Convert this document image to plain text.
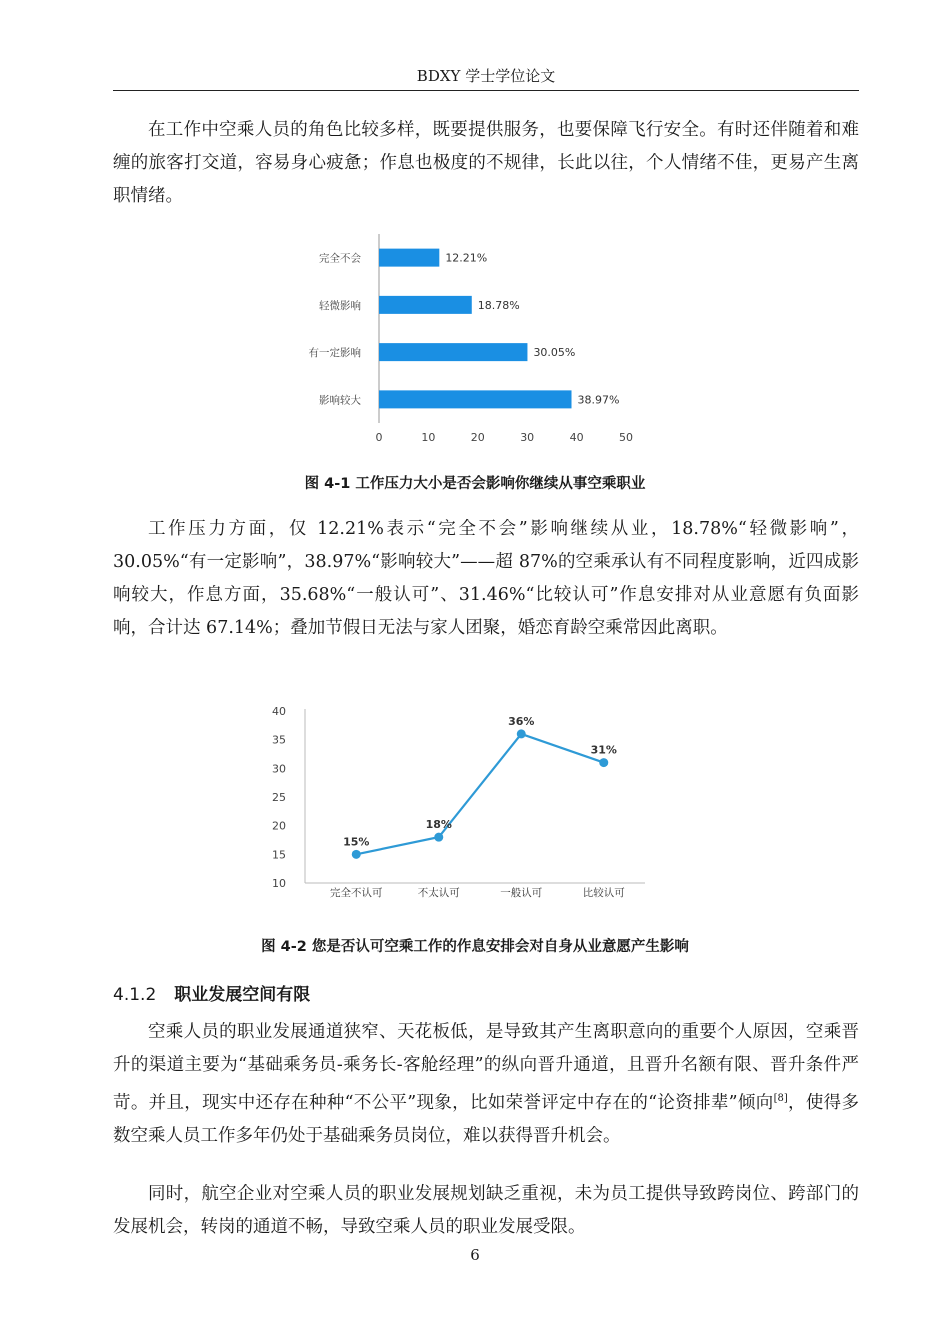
BDXY 学士学位论文

在工作中空乘人员的角色比较多样，既要提供服务，也要保障飞行安全。有时还伴随着和难缠的旅客打交道，容易身心疲惫；作息也极度的不规律，长此以往，个人情绪不佳，更易产生离职情绪。

完全不会	12.21%
轻微影响	18.78%
有一定影响	30.05%
影响较大	38.97%
0	10	20	30	40	50
图 4-1 工作压力大小是否会影响你继续从事空乘职业

工作压力方面，仅 12.21%表示“完全不会”影响继续从业，18.78%“轻微影响”，30.05%“有一定影响”，38.97%“影响较大”——超 87%的空乘承认有不同程度影响，近四成影响较大，作息方面，35.68%“一般认可”、31.46%“比较认可”作息安排对从业意愿有负面影响，合计达 67.14%；叠加节假日无法与家人团聚，婚恋育龄空乘常因此离职。

40
35
30
25
20
15
10
15%
完全不认可
18%
不太认可
36%
一般认可
31%
比较认可
图 4-2 您是否认可空乘工作的作息安排会对自身从业意愿产生影响
4.1.2 职业发展空间有限

空乘人员的职业发展通道狭窄、天花板低，是导致其产生离职意向的重要个人原因，空乘晋升的渠道主要为“基础乘务员-乘务长-客舱经理”的纵向晋升通道，且晋升名额有限、晋升条件严苛。并且，现实中还存在种种“不公平”现象，比如荣誉评定中存在的“论资排辈”倾向[8]，使得多数空乘人员工作多年仍处于基础乘务员岗位，难以获得晋升机会。

同时，航空企业对空乘人员的职业发展规划缺乏重视，未为员工提供导致跨岗位、跨部门的发展机会，转岗的通道不畅，导致空乘人员的职业发展受限。

6
